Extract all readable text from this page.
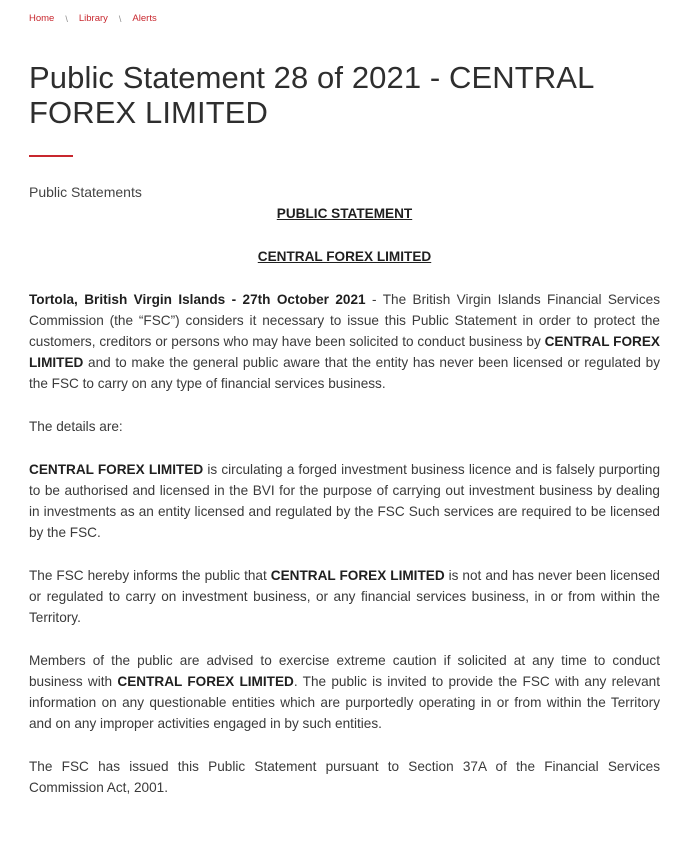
Home \ Library \ Alerts
Public Statement 28 of 2021 - CENTRAL FOREX LIMITED
Public Statements

PUBLIC STATEMENT

CENTRAL FOREX LIMITED

Tortola, British Virgin Islands - 27th October 2021 - The British Virgin Islands Financial Services Commission (the “FSC”) considers it necessary to issue this Public Statement in order to protect the customers, creditors or persons who may have been solicited to conduct business by CENTRAL FOREX LIMITED and to make the general public aware that the entity has never been licensed or regulated by the FSC to carry on any type of financial services business.

The details are:

CENTRAL FOREX LIMITED is circulating a forged investment business licence and is falsely purporting to be authorised and licensed in the BVI for the purpose of carrying out investment business by dealing in investments as an entity licensed and regulated by the FSC Such services are required to be licensed by the FSC.

The FSC hereby informs the public that CENTRAL FOREX LIMITED is not and has never been licensed or regulated to carry on investment business, or any financial services business, in or from within the Territory.

Members of the public are advised to exercise extreme caution if solicited at any time to conduct business with CENTRAL FOREX LIMITED. The public is invited to provide the FSC with any relevant information on any questionable entities which are purportedly operating in or from within the Territory and on any improper activities engaged in by such entities.

The FSC has issued this Public Statement pursuant to Section 37A of the Financial Services Commission Act, 2001.
